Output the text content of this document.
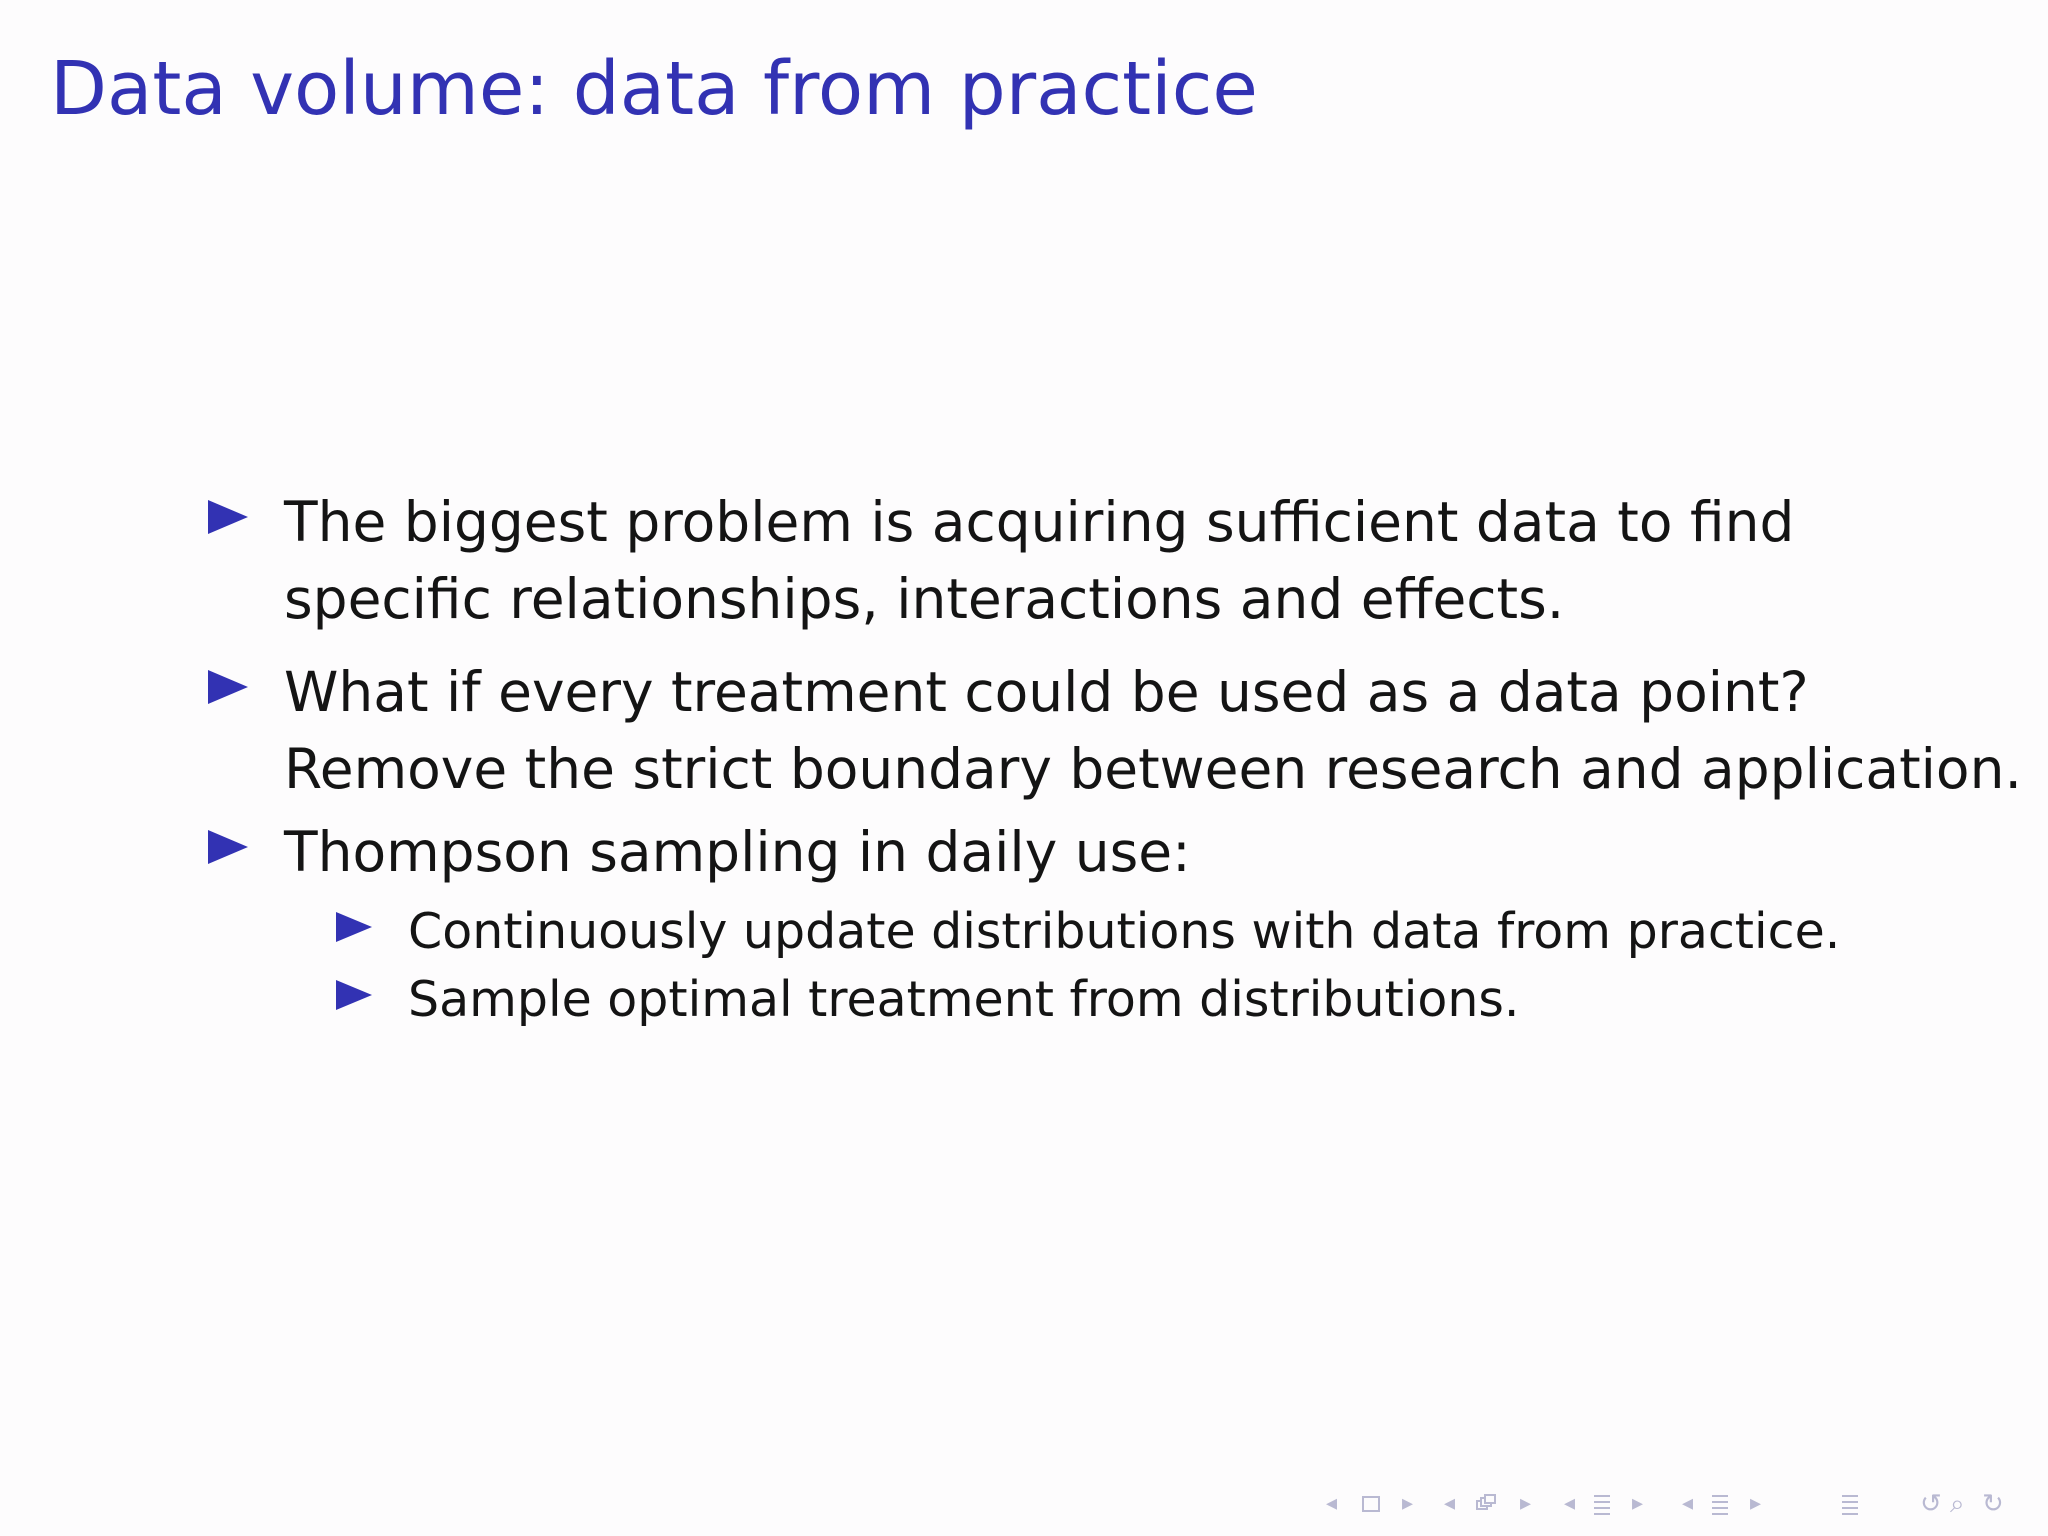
Data volume: data from practice
The biggest problem is acquiring sufficient data to find
specific relationships, interactions and effects.
What if every treatment could be used as a data point?
Remove the strict boundary between research and application.
Thompson sampling in daily use:
Continuously update distributions with data from practice.
Sample optimal treatment from distributions.
◂	▸ ◂	▸ ◂	▸ ◂	▸	↺ ⌕ ↻
